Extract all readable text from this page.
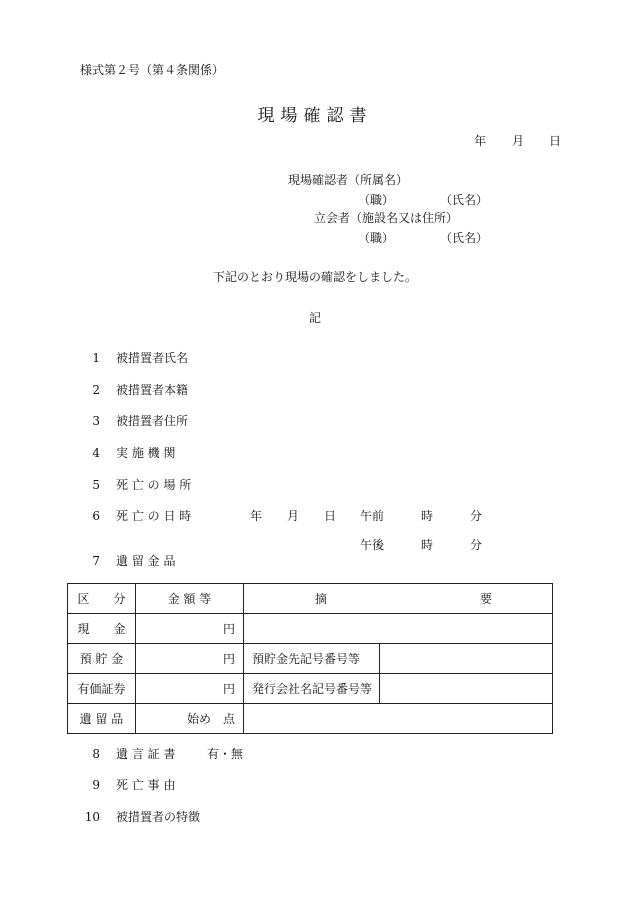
様式第２号（第４条関係）
現場確認書
年 月 日
現場確認者（所属名）
（職）	（氏名）
立会者（施設名又は住所）
（職）	（氏名）
下記のとおり現場の確認をしました。
記
1 被措置者氏名
2 被措置者本籍
3 被措置者住所
4 実 施 機 関
5 死 亡 の 場 所
6 死 亡 の 日 時	年 月 日 午前	時	分
午後	時	分
7 遺 留 金 品
区　　分	金 額 等	摘 要	
現　　金	円		
預 貯 金	円	預貯金先記号番号等	
有価証券	円	発行会社名記号番号等	
遺 留 品	始め　点		
8 遺 言 証 書	有・無
9 死 亡 事 由
10 被措置者の特徴
